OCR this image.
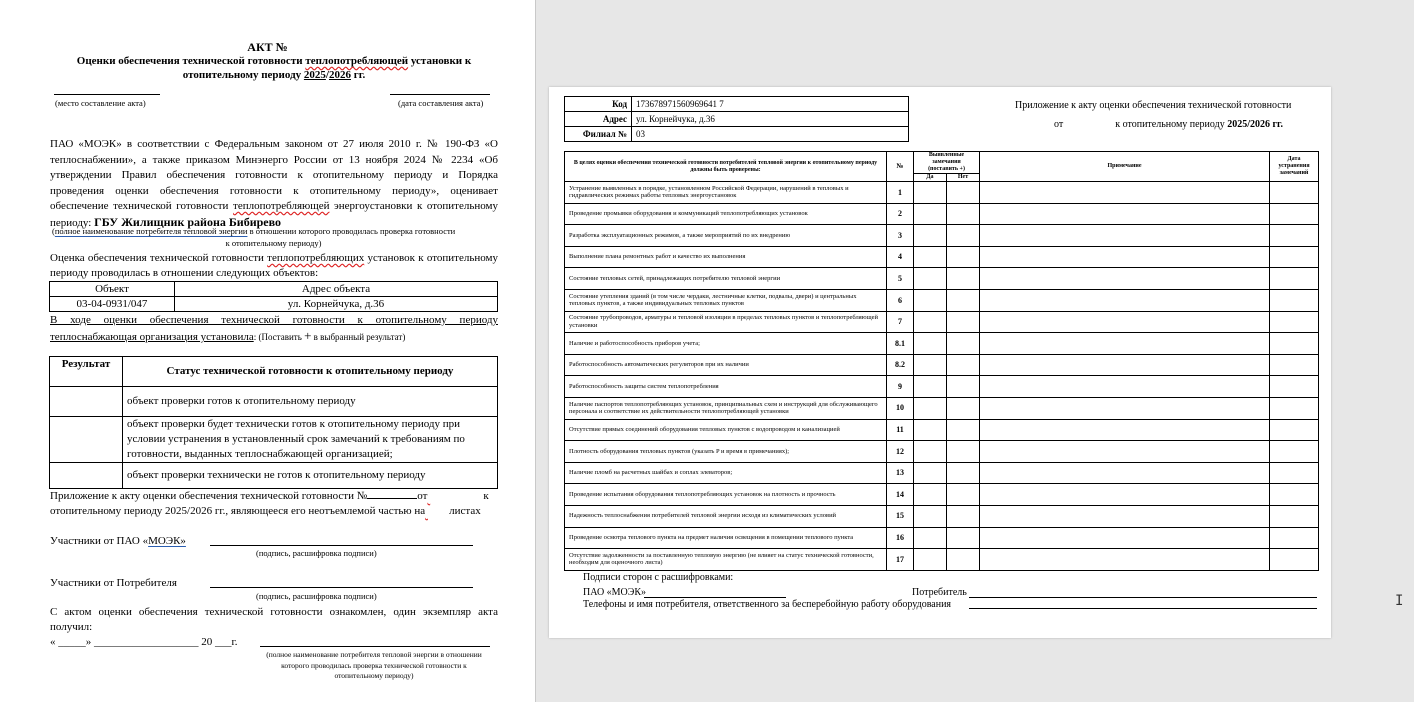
АКТ №
Оценки обеспечения технической готовности теплопотребляющей установки к
отопительному периоду 2025/2026 гг.
(место составление акта)	(дата составления акта)
ПАО «МОЭК» в соответствии с Федеральным законом от 27 июля 2010 г. № 190-ФЗ «О
теплоснабжении», а также приказом Минэнерго России от 13 ноября 2024 № 2234 «Об
утверждении Правил обеспечения готовности к отопительному периоду и Порядка
проведения оценки обеспечения готовности к отопительному периоду», оценивает
обеспечение технической готовности теплопотребляющей энергоустановки к отопительному
периоду: ГБУ Жилищник района Бибирево
(полное наименование потребителя тепловой энергии в отношении которого проводилась проверка готовности
к отопительному периоду)
Оценка обеспечения технической готовности теплопотребляющих установок к отопительному
периоду проводилась в отношении следующих объектов:
Объект	Адрес объекта
03-04-0931/047	ул. Корнейчука, д.36
В ходе оценки обеспечения технической готовности к отопительному периоду
теплоснабжающая организация установила: (Поставить + в выбранный результат)
Результат	Статус технической готовности к отопительному периоду
	объект проверки готов к отопительному периоду
	объект проверки будет технически готов к отопительному периоду при условии устранения в установленный срок замечаний к требованиям по готовности, выданных теплоснабжающей организацией;
	объект проверки технически не готов к отопительному периоду
Приложение к акту оценки обеспечения технической готовности №	от	к
отопительному периоду 2025/2026 гг., являющееся его неотъемлемой частью на листах
Участники от ПАО «МОЭК»
(подпись, расшифровка подписи)
Участники от Потребителя
(подпись, расшифровка подписи)
С актом оценки обеспечения технической готовности ознакомлен, один экземпляр акта
получил:
« _____» ___________________ 20 ___г.
(полное наименование потребителя тепловой энергии в отношении
которого проводилась проверка технической готовности к
отопительному периоду)
Код	173678971560969641 7
Адрес	ул. Корнейчука, д.36
Филиал №	03
Приложение к акту оценки обеспечения технической готовности
от	к отопительному периоду 2025/2026 гг.
В целях оценки обеспечения технической готовности потребителей тепловой энергии к отопительному периоду должны быть проверены:	№	Выявленные замечания (поставить +)		Примечание	Дата устранения замечаний
		Да	Нет		
Устранение выявленных в порядке, установленном Российской Федерации, нарушений в тепловых и гидравлических режимах работы тепловых энергоустановок	1				
Проведение промывки оборудования и коммуникаций теплопотребляющих установок	2				
Разработка эксплуатационных режимов, а также мероприятий по их внедрению	3				
Выполнение плана ремонтных работ и качество их выполнения	4				
Состояние тепловых сетей, принадлежащих потребителю тепловой энергии	5				
Состояние утепления зданий (в том числе чердаки, лестничные клетки, подвалы, двери) и центральных тепловых пунктов, а также индивидуальных тепловых пунктов	6				
Состояние трубопроводов, арматуры и тепловой изоляции в пределах тепловых пунктов и теплопотребляющей установки	7				
Наличие и работоспособность приборов учета;	8.1				
Работоспособность автоматических регуляторов при их наличии	8.2				
Работоспособность защиты систем теплопотребления	9				
Наличие паспортов теплопотребляющих установок, принципиальных схем и инструкций для обслуживающего персонала и соответствие их действительности теплопотребляющей установки	10				
Отсутствие прямых соединений оборудования тепловых пунктов с водопроводом и канализацией	11				
Плотность оборудования тепловых пунктов (указать P и время в примечаниях);	12				
Наличие пломб на расчетных шайбах и соплах элеваторов;	13				
Проведение испытания оборудования теплопотребляющих установок на плотность и прочность	14				
Надежность теплоснабжения потребителей тепловой энергии исходя из климатических условий	15				
Проведение осмотра теплового пункта на предмет наличия освещения в помещении теплового пункта	16				
Отсутствие задолженности за поставленную тепловую энергию (не влияет на статус технической готовности, необходим для оценочного листа)	17				
Подписи сторон с расшифровками:
ПАО «МОЭК»	Потребитель
Телефоны и имя потребителя, ответственного за бесперебойную работу оборудования	I
